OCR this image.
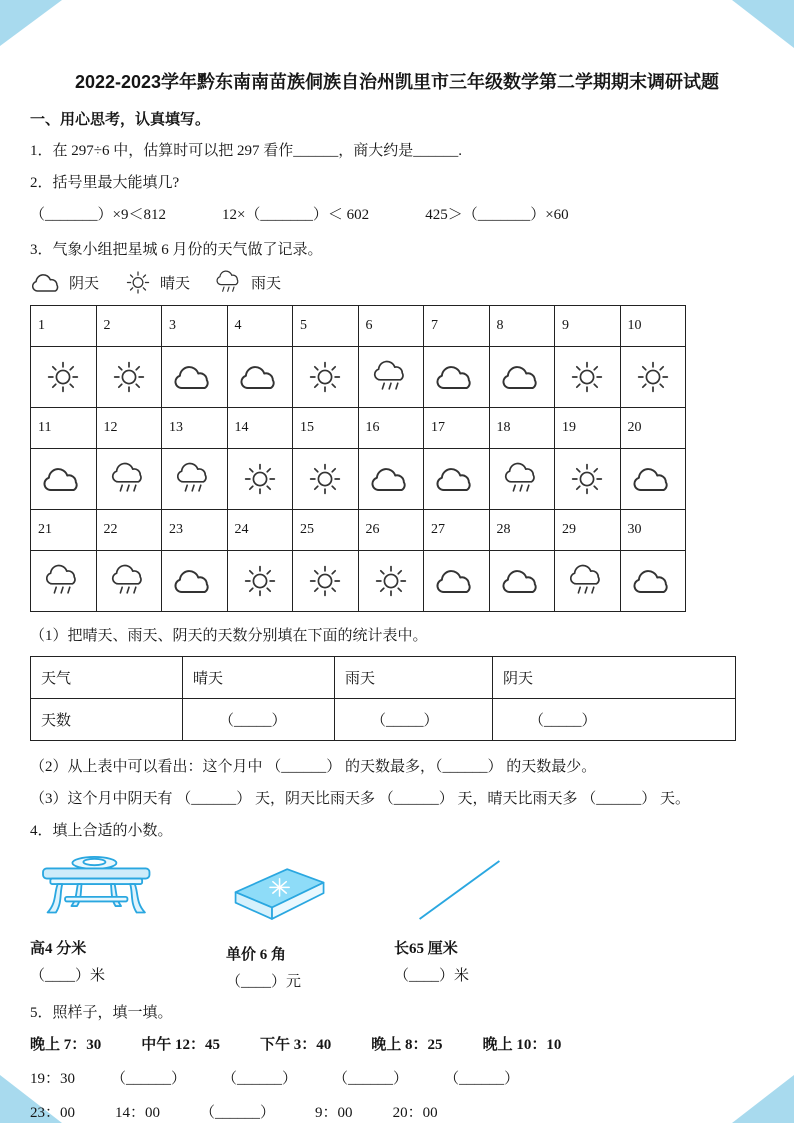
2022-2023学年黔东南南苗族侗族自治州凯里市三年级数学第二学期期末调研试题
一、用心思考，认真填写。
1．在 297÷6 中，估算时可以把 297 看作______，商大约是______.
2．括号里最大能填几?
（_______）×9＜812	12×（_______）＜ 602	425＞（_______）×60
3．气象小组把星城 6 月份的天气做了记录。
阴天	晴天	雨天
1	2	3	4	5	6	7	8	9	10

11	12	13	14	15	16	17	18	19	20

21	22	23	24	25	26	27	28	29	30

（1）把晴天、雨天、阴天的天数分别填在下面的统计表中。
天气	晴天	雨天	阴天
天数	（_____）	（_____）	（_____）
（2）从上表中可以看出：这个月中 （______） 的天数最多，（______） 的天数最少。
（3）这个月中阴天有 （______） 天，阴天比雨天多 （______） 天，晴天比雨天多 （______） 天。
4．填上合适的小数。
高4 分米
（____）米
单价 6 角
（____）元
长65 厘米
（____）米
5．照样子，填一填。
晚上 7：30	中午 12：45	下午 3：40	晚上 8：25	晚上 10：10
19：30 （______） （______） （______） （______）
23：00	14：00	（______）	9：00	20：00
